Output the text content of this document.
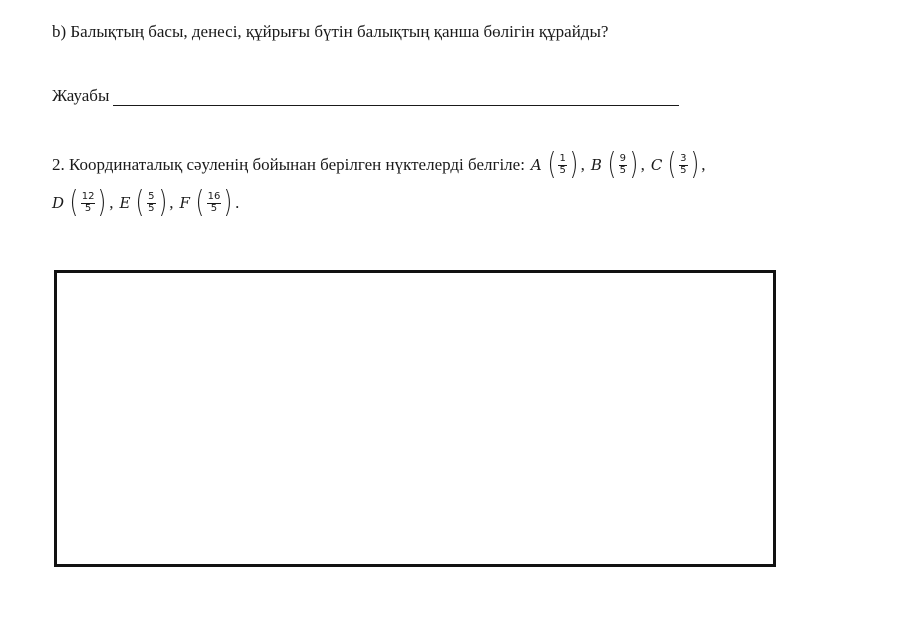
b) Балықтың басы, денесі, құйрығы бүтін балықтың қанша бөлігін құрайды?
Жауабы
2. Координаталық сәуленің бойынан берілген нүктелерді белгіле: A ( $\frac{1}{5}$ ) , B ( $\frac{9}{5}$ ) , C ( $\frac{3}{5}$ ) ,
D ( $\frac{12}{5}$ ) , E ( $\frac{5}{5}$ ) , F ( $\frac{16}{5}$ ) .
